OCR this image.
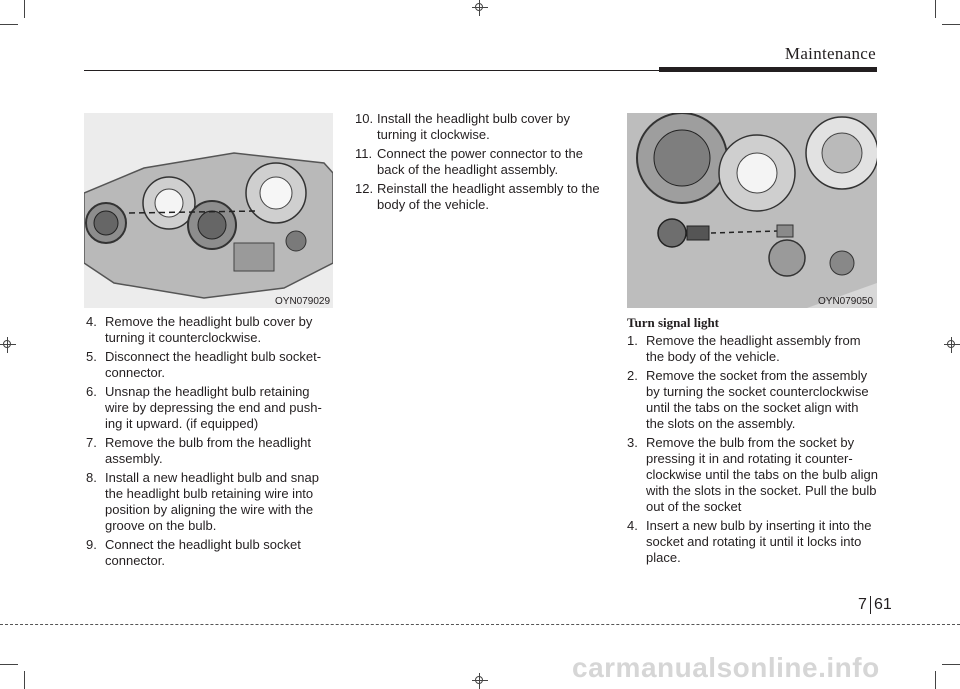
Maintenance
OYN079029	OYN079050
4. Remove the headlight bulb cover by turning it counterclockwise.
5. Disconnect the headlight bulb socket-connector.
6. Unsnap the headlight bulb retaining wire by depressing the end and push-ing it upward. (if equipped)
7. Remove the bulb from the headlight assembly.
8. Install a new headlight bulb and snap the headlight bulb retaining wire into position by aligning the wire with the groove on the bulb.
9. Connect the headlight bulb socket connector.
10. Install the headlight bulb cover by turning it clockwise.
11. Connect the power connector to the back of the headlight assembly.
12. Reinstall the headlight assembly to the body of the vehicle.
Turn signal light
1. Remove the headlight assembly from the body of the vehicle.
2. Remove the socket from the assembly by turning the socket counterclockwise until the tabs on the socket align with the slots on the assembly.
3. Remove the bulb from the socket by pressing it in and rotating it counter-clockwise until the tabs on the bulb align with the slots in the socket. Pull the bulb out of the socket
4. Insert a new bulb by inserting it into the socket and rotating it until it locks into place.
7 61
carmanualsonline.info
